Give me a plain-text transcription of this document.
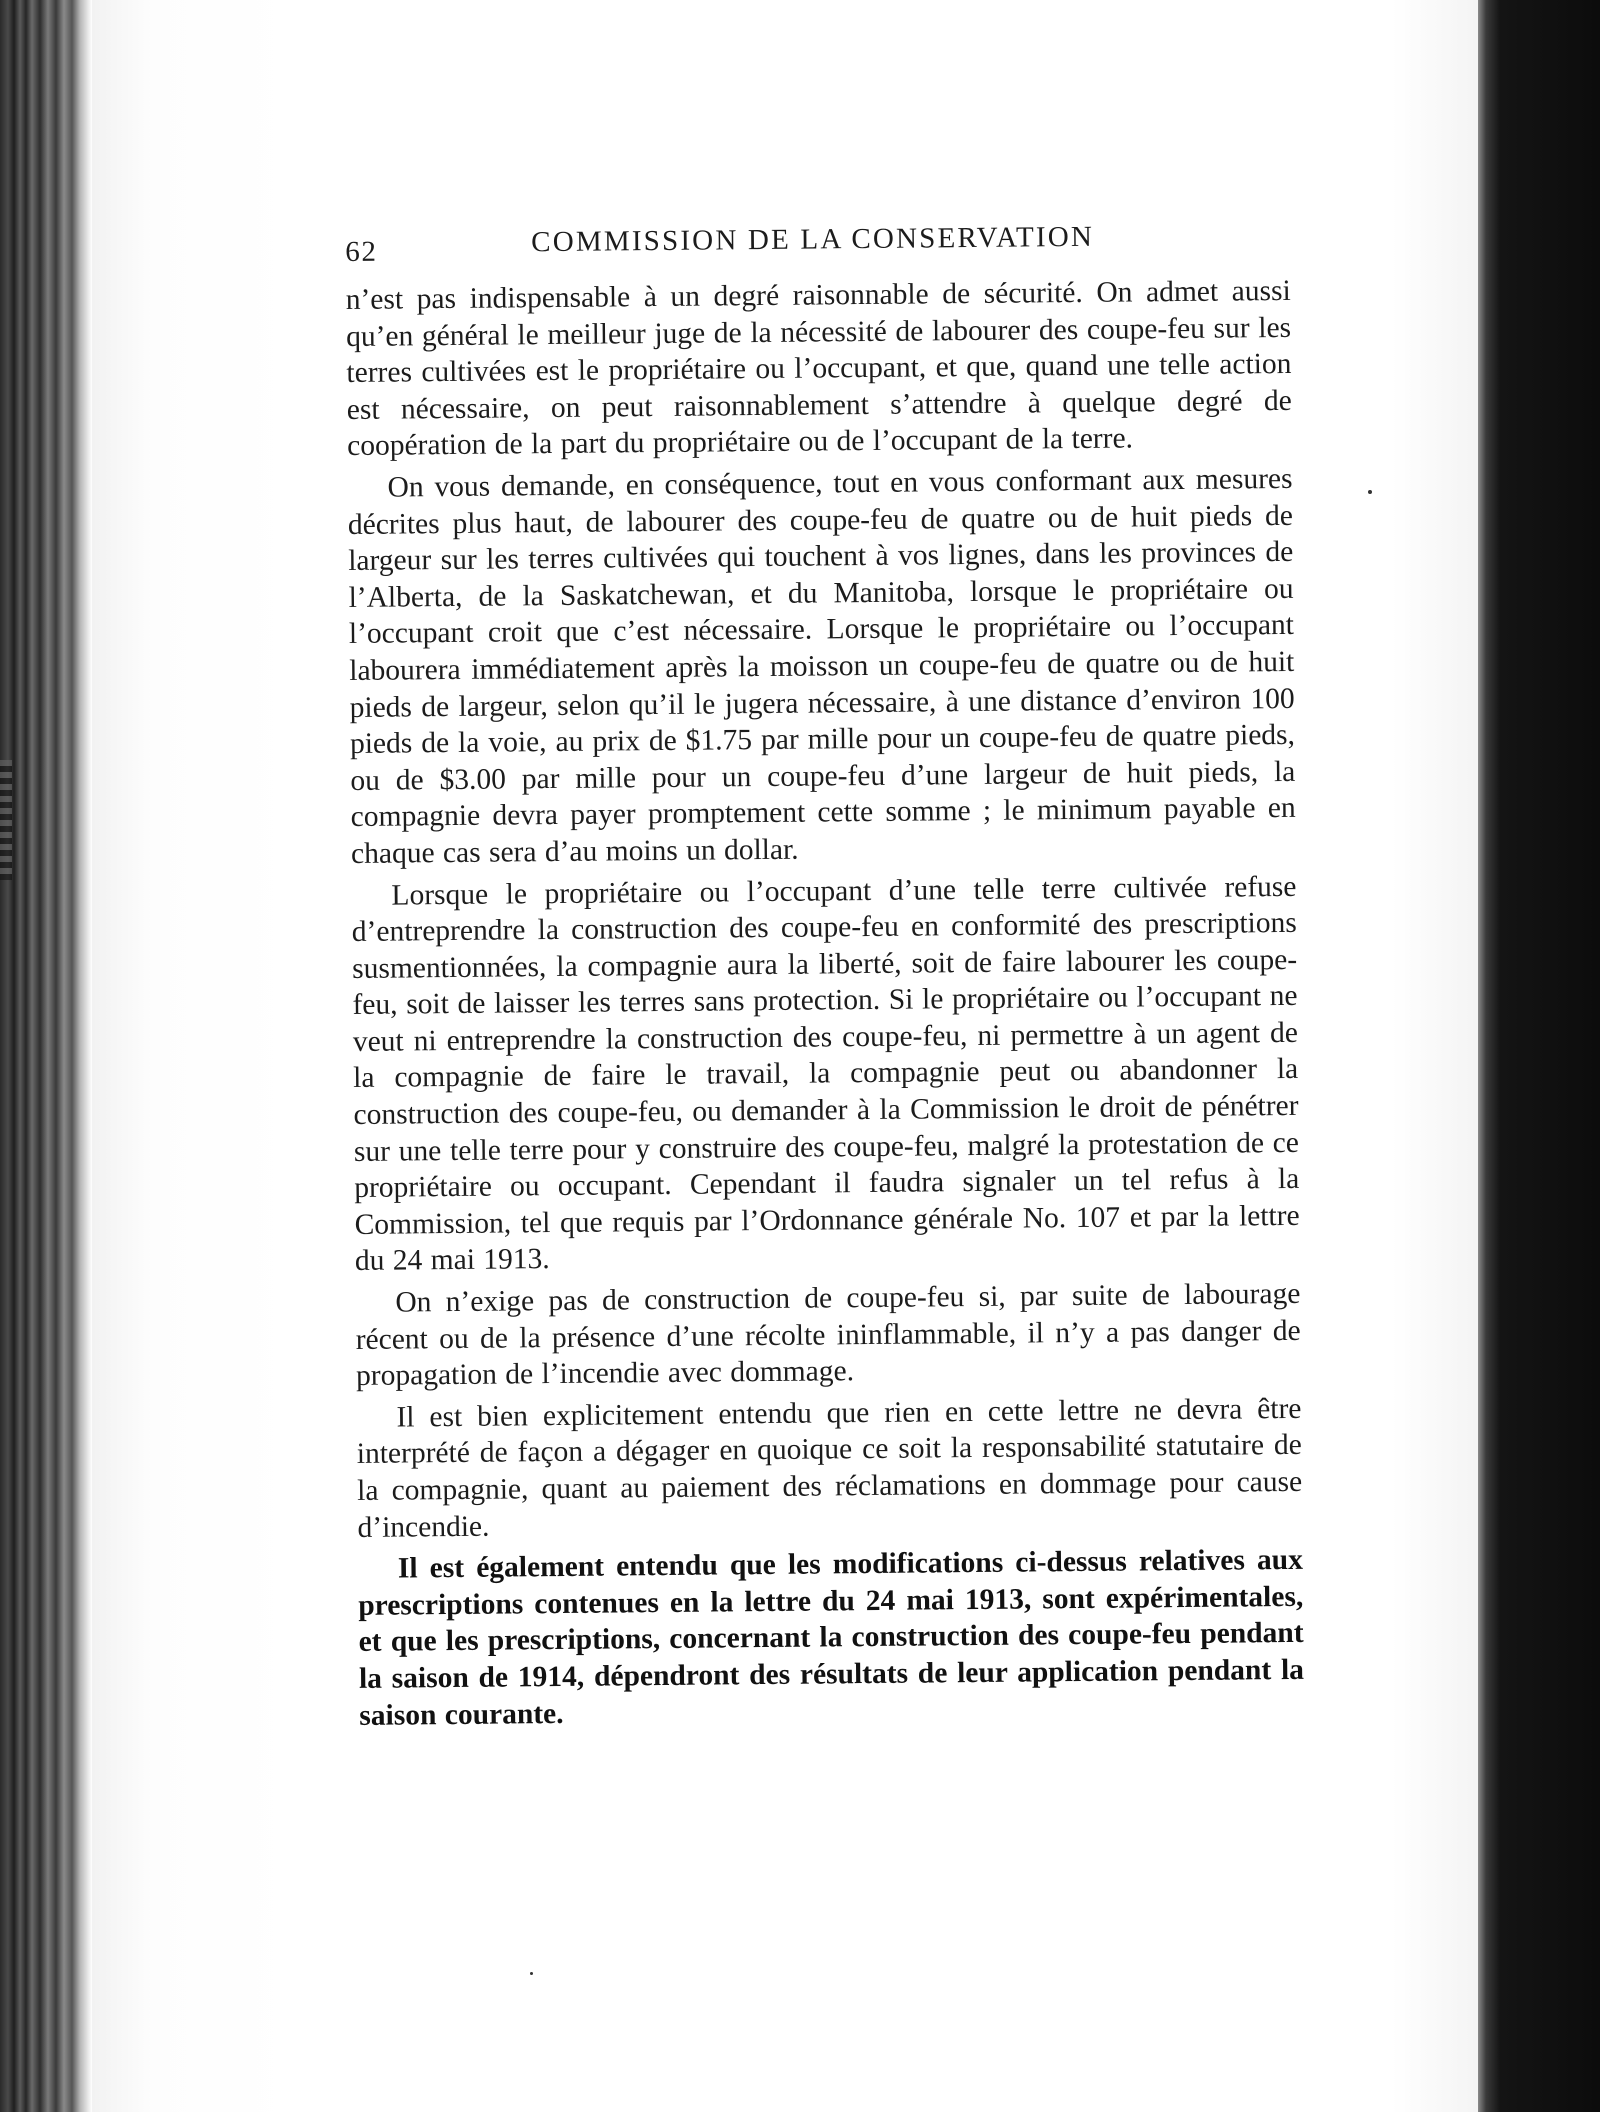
62	COMMISSION DE LA CONSERVATION

n’est pas indispensable à un degré raisonnable de sécurité. On admet aussi qu’en général le meilleur juge de la nécessité de labourer des coupe-feu sur les terres cultivées est le propriétaire ou l’occupant, et que, quand une telle action est nécessaire, on peut raisonnablement s’attendre à quelque degré de coopération de la part du propriétaire ou de l’occupant de la terre.

On vous demande, en conséquence, tout en vous conformant aux mesures décrites plus haut, de labourer des coupe-feu de quatre ou de huit pieds de largeur sur les terres cultivées qui touchent à vos lignes, dans les provinces de l’Alberta, de la Saskatchewan, et du Manitoba, lorsque le propriétaire ou l’occupant croit que c’est nécessaire. Lorsque le propriétaire ou l’occupant labourera immédiatement après la moisson un coupe-feu de quatre ou de huit pieds de largeur, selon qu’il le jugera nécessaire, à une distance d’environ 100 pieds de la voie, au prix de $1.75 par mille pour un coupe-feu de quatre pieds, ou de $3.00 par mille pour un coupe-feu d’une largeur de huit pieds, la compagnie devra payer promptement cette somme ; le minimum payable en chaque cas sera d’au moins un dollar.

Lorsque le propriétaire ou l’occupant d’une telle terre cultivée refuse d’entreprendre la construction des coupe-feu en conformité des prescriptions susmentionnées, la compagnie aura la liberté, soit de faire labourer les coupe-feu, soit de laisser les terres sans protection. Si le propriétaire ou l’occupant ne veut ni entreprendre la construction des coupe-feu, ni permettre à un agent de la compagnie de faire le travail, la compagnie peut ou abandonner la construction des coupe-feu, ou demander à la Commission le droit de pénétrer sur une telle terre pour y construire des coupe-feu, malgré la protestation de ce propriétaire ou occupant. Cependant il faudra signaler un tel refus à la Commission, tel que requis par l’Ordonnance générale No. 107 et par la lettre du 24 mai 1913.

On n’exige pas de construction de coupe-feu si, par suite de labourage récent ou de la présence d’une récolte ininflammable, il n’y a pas danger de propagation de l’incendie avec dommage.

Il est bien explicitement entendu que rien en cette lettre ne devra être interprété de façon a dégager en quoique ce soit la responsabilité statutaire de la compagnie, quant au paiement des réclamations en dommage pour cause d’incendie.

Il est également entendu que les modifications ci-dessus relatives aux prescriptions contenues en la lettre du 24 mai 1913, sont expérimentales, et que les prescriptions, concernant la construction des coupe-feu pendant la saison de 1914, dépendront des résultats de leur application pendant la saison courante.
